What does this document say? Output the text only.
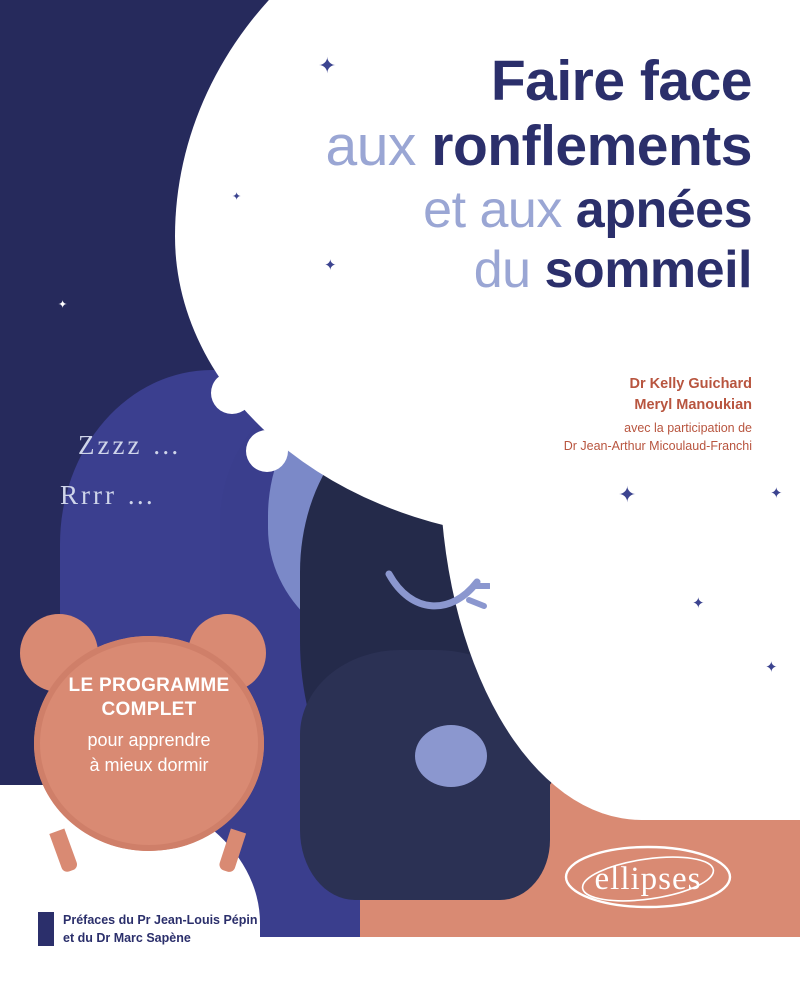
✦
✦
✦
✦
✦
✦
✦
✦
✦
✦

Faire face

aux ronflements

et aux apnées

du sommeil

Dr Kelly Guichard
Meryl Manoukian
avec la participation de
Dr Jean-Arthur Micoulaud-Franchi
Zzzz …
Rrrr …
LE PROGRAMME
COMPLET
pour apprendre
à mieux dormir	Illustré par
Marie Laurentjoye
ellipses
Préfaces du Pr Jean-Louis Pépin
et du Dr Marc Sapène
